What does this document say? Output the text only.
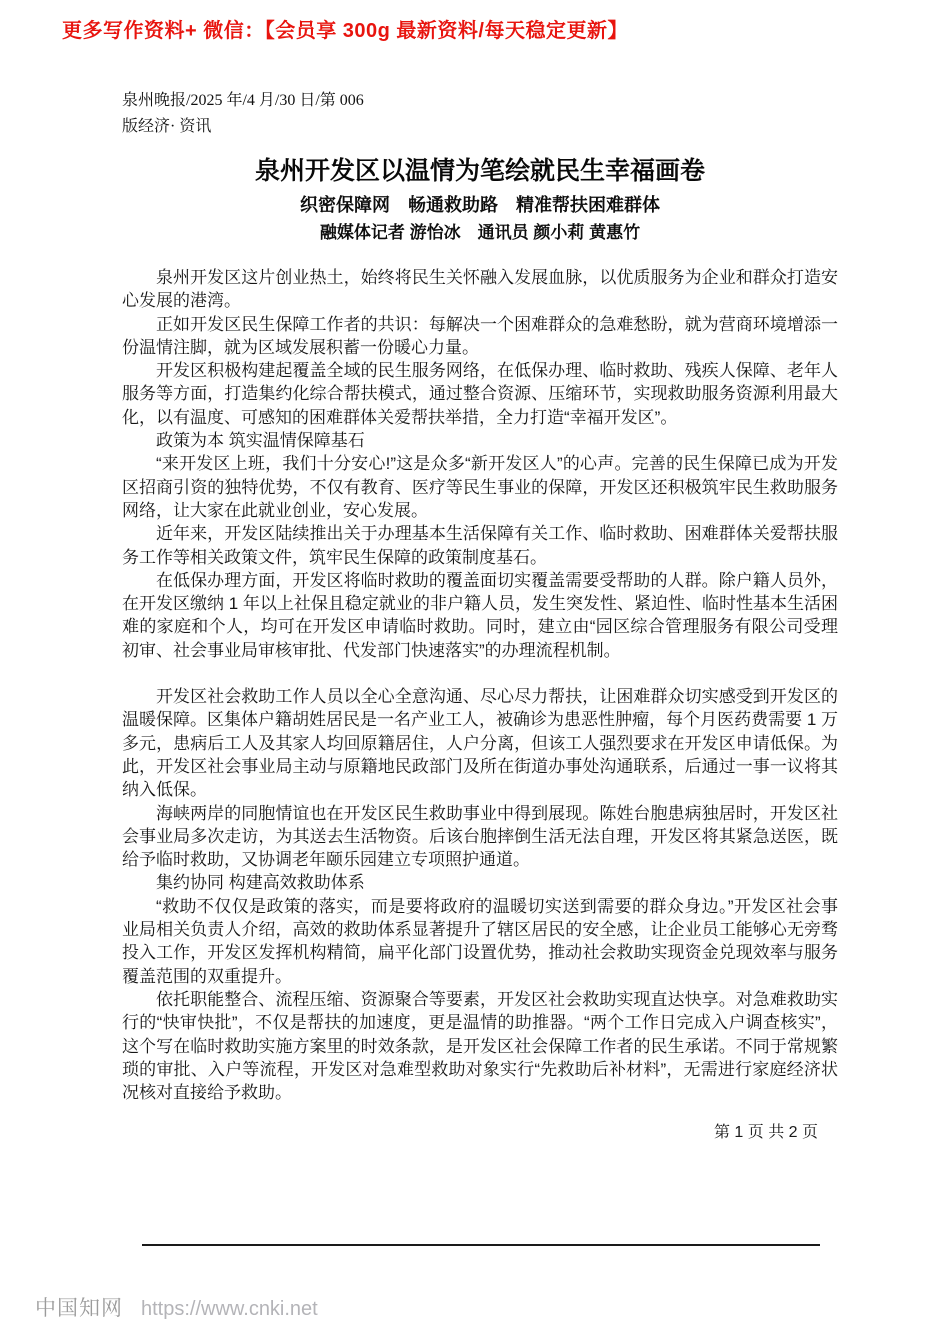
更多写作资料+ 微信：【会员享 300g 最新资料/每天稳定更新】
泉州晚报/2025 年/4 月/30 日/第 006
版经济· 资讯
泉州开发区以温情为笔绘就民生幸福画卷
织密保障网　畅通救助路　精准帮扶困难群体
融媒体记者 游怡冰　通讯员 颜小莉 黄惠竹

泉州开发区这片创业热土，始终将民生关怀融入发展血脉，以优质服务为企业和群众打造安心发展的港湾。

正如开发区民生保障工作者的共识：每解决一个困难群众的急难愁盼，就为营商环境增添一份温情注脚，就为区域发展积蓄一份暖心力量。

开发区积极构建起覆盖全域的民生服务网络，在低保办理、临时救助、残疾人保障、老年人服务等方面，打造集约化综合帮扶模式，通过整合资源、压缩环节，实现救助服务资源利用最大化，以有温度、可感知的困难群体关爱帮扶举措，全力打造“幸福开发区”。

政策为本 筑实温情保障基石

“来开发区上班，我们十分安心!”这是众多“新开发区人”的心声。完善的民生保障已成为开发区招商引资的独特优势，不仅有教育、医疗等民生事业的保障，开发区还积极筑牢民生救助服务网络，让大家在此就业创业，安心发展。

近年来，开发区陆续推出关于办理基本生活保障有关工作、临时救助、困难群体关爱帮扶服务工作等相关政策文件，筑牢民生保障的政策制度基石。

在低保办理方面，开发区将临时救助的覆盖面切实覆盖需要受帮助的人群。除户籍人员外，在开发区缴纳 1 年以上社保且稳定就业的非户籍人员，发生突发性、紧迫性、临时性基本生活困难的家庭和个人，均可在开发区申请临时救助。同时，建立由“园区综合管理服务有限公司受理初审、社会事业局审核审批、代发部门快速落实”的办理流程机制。

开发区社会救助工作人员以全心全意沟通、尽心尽力帮扶，让困难群众切实感受到开发区的温暖保障。区集体户籍胡姓居民是一名产业工人，被确诊为患恶性肿瘤，每个月医药费需要 1 万多元，患病后工人及其家人均回原籍居住，人户分离，但该工人强烈要求在开发区申请低保。为此，开发区社会事业局主动与原籍地民政部门及所在街道办事处沟通联系，后通过一事一议将其纳入低保。

海峡两岸的同胞情谊也在开发区民生救助事业中得到展现。陈姓台胞患病独居时，开发区社会事业局多次走访，为其送去生活物资。后该台胞摔倒生活无法自理，开发区将其紧急送医，既给予临时救助，又协调老年颐乐园建立专项照护通道。

集约协同 构建高效救助体系

“救助不仅仅是政策的落实，而是要将政府的温暖切实送到需要的群众身边。”开发区社会事业局相关负责人介绍，高效的救助体系显著提升了辖区居民的安全感，让企业员工能够心无旁骛投入工作，开发区发挥机构精简，扁平化部门设置优势，推动社会救助实现资金兑现效率与服务覆盖范围的双重提升。

依托职能整合、流程压缩、资源聚合等要素，开发区社会救助实现直达快享。对急难救助实行的“快审快批”，不仅是帮扶的加速度，更是温情的助推器。“两个工作日完成入户调查核实”，这个写在临时救助实施方案里的时效条款，是开发区社会保障工作者的民生承诺。不同于常规繁琐的审批、入户等流程，开发区对急难型救助对象实行“先救助后补材料”，无需进行家庭经济状况核对直接给予救助。

第 1 页 共 2 页
中国知网 https://www.cnki.net
